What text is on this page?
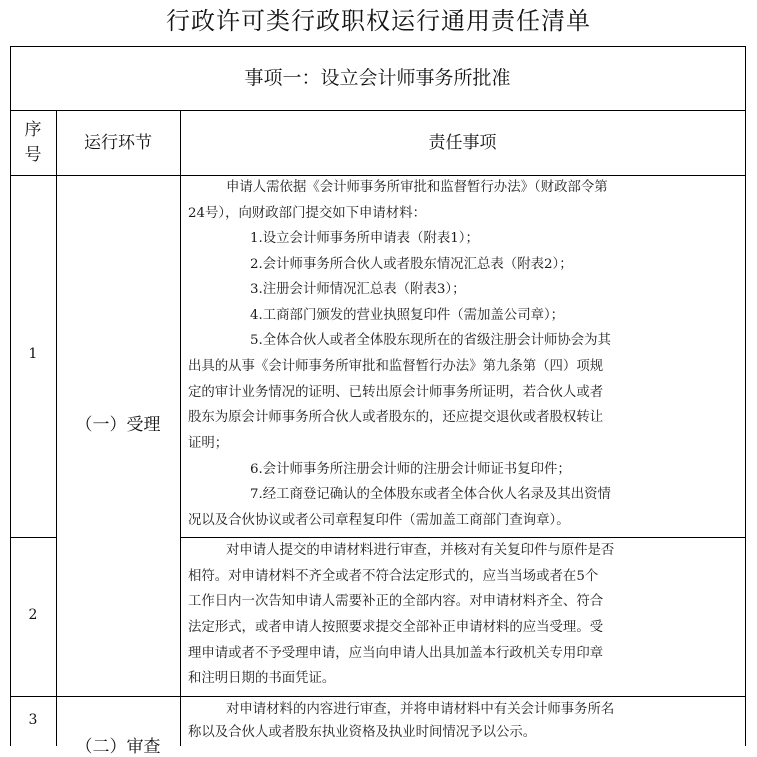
行政许可类行政职权运行通用责任清单
事项一：设立会计师事务所批准
序号
运行环节	责任事项
1
2
3
（一）受理
（二）审查
申请人需依据《会计师事务所审批和监督暂行办法》（财政部令第
24号），向财政部门提交如下申请材料：
1.设立会计师事务所申请表（附表1）；
2.会计师事务所合伙人或者股东情况汇总表（附表2）；
3.注册会计师情况汇总表（附表3）；
4.工商部门颁发的营业执照复印件（需加盖公司章）；
5.全体合伙人或者全体股东现所在的省级注册会计师协会为其
出具的从事《会计师事务所审批和监督暂行办法》第九条第（四）项规
定的审计业务情况的证明、已转出原会计师事务所证明，若合伙人或者
股东为原会计师事务所合伙人或者股东的，还应提交退伙或者股权转让
证明；
6.会计师事务所注册会计师的注册会计师证书复印件；
7.经工商登记确认的全体股东或者全体合伙人名录及其出资情
况以及合伙协议或者公司章程复印件（需加盖工商部门查询章）。
对申请人提交的申请材料进行审查，并核对有关复印件与原件是否
相符。对申请材料不齐全或者不符合法定形式的，应当当场或者在5个
工作日内一次告知申请人需要补正的全部内容。对申请材料齐全、符合
法定形式，或者申请人按照要求提交全部补正申请材料的应当受理。受
理申请或者不予受理申请，应当向申请人出具加盖本行政机关专用印章
和注明日期的书面凭证。
对申请材料的内容进行审查，并将申请材料中有关会计师事务所名
称以及合伙人或者股东执业资格及执业时间情况予以公示。
